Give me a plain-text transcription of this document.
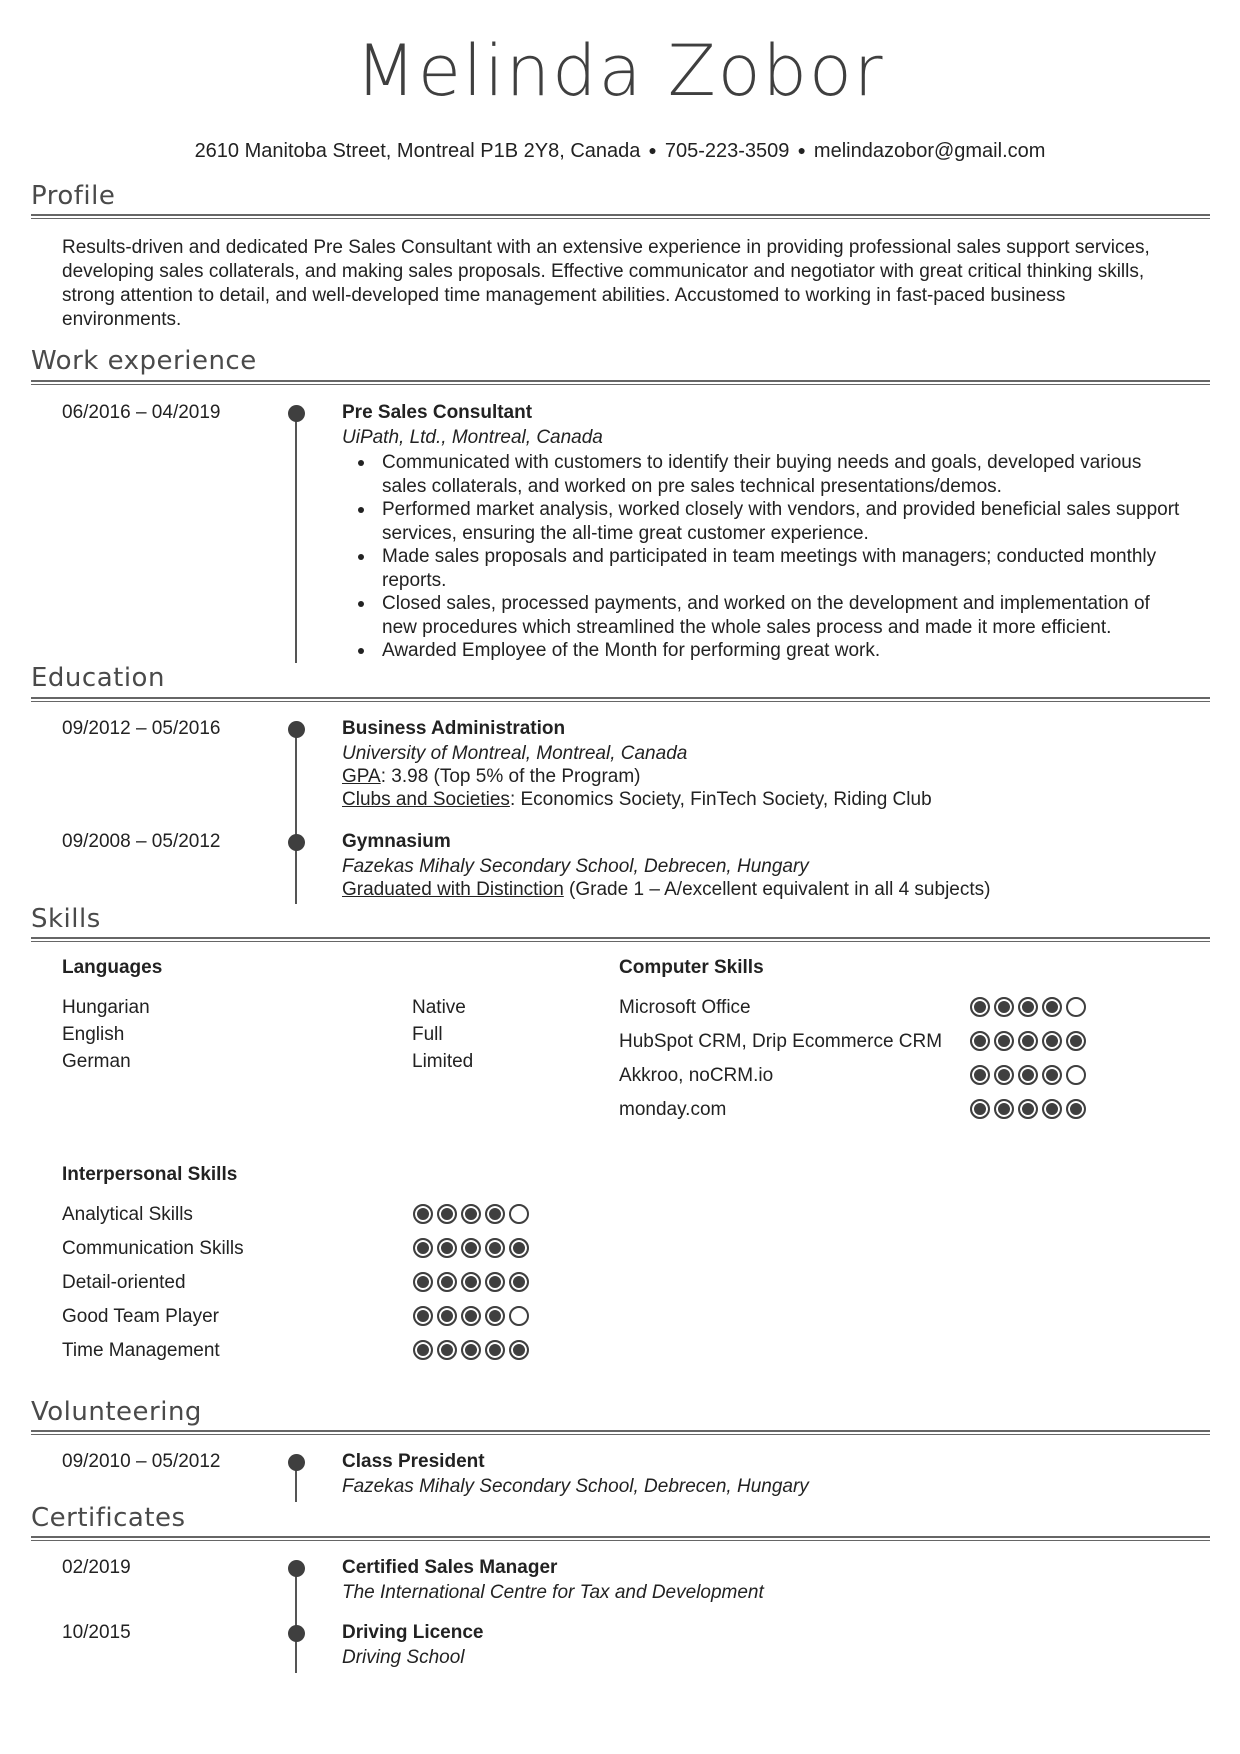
Melinda Zobor
2610 Manitoba Street, Montreal P1B 2Y8, Canada ● 705-223-3509 ● melindazobor@gmail.com
Profile
Results-driven and dedicated Pre Sales Consultant with an extensive experience in providing professional sales support services, developing sales collaterals, and making sales proposals. Effective communicator and negotiator with great critical thinking skills, strong attention to detail, and well-developed time management abilities. Accustomed to working in fast-paced business environments.
Work experience
06/2016 – 04/2019	Pre Sales Consultant
UiPath, Ltd., Montreal, Canada
Communicated with customers to identify their buying needs and goals, developed various sales collaterals, and worked on pre sales technical presentations/demos.
Performed market analysis, worked closely with vendors, and provided beneficial sales support services, ensuring the all-time great customer experience.
Made sales proposals and participated in team meetings with managers; conducted monthly reports.
Closed sales, processed payments, and worked on the development and implementation of new procedures which streamlined the whole sales process and made it more efficient.
Awarded Employee of the Month for performing great work.
Education
09/2012 – 05/2016	Business Administration
University of Montreal, Montreal, Canada
GPA: 3.98 (Top 5% of the Program)
Clubs and Societies: Economics Society, FinTech Society, Riding Club
09/2008 – 05/2012	Gymnasium
Fazekas Mihaly Secondary School, Debrecen, Hungary
Graduated with Distinction (Grade 1 – A/excellent equivalent in all 4 subjects)
Skills
Languages
Hungarian	Native
English	Full
German	Limited
Computer Skills
Microsoft Office
HubSpot CRM, Drip Ecommerce CRM
Akkroo, noCRM.io
monday.com
Interpersonal Skills
Analytical Skills
Communication Skills
Detail-oriented
Good Team Player
Time Management
Volunteering
09/2010 – 05/2012	Class President
Fazekas Mihaly Secondary School, Debrecen, Hungary
Certificates
02/2019	Certified Sales Manager
The International Centre for Tax and Development
10/2015	Driving Licence
Driving School
